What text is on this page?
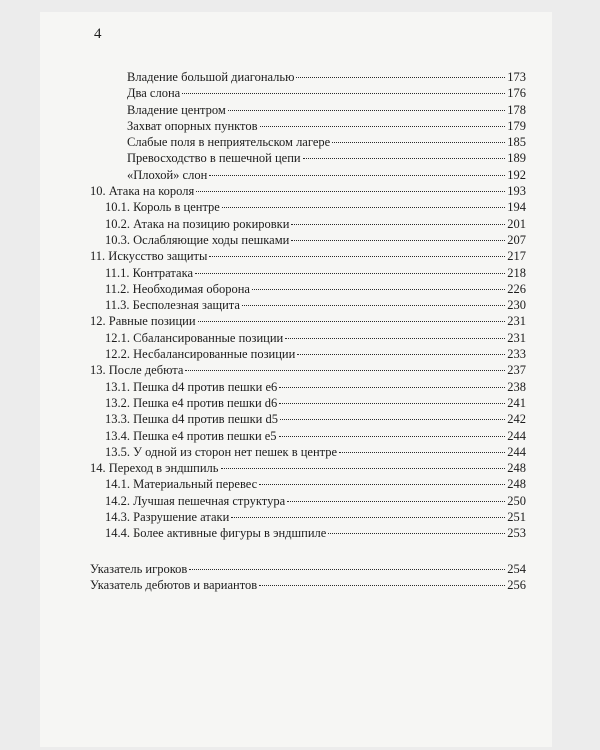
4
Владение большой диагональю	173
Два слона	176
Владение центром	178
Захват опорных пунктов	179
Слабые поля в неприятельском лагере	185
Превосходство в пешечной цепи	189
«Плохой» слон	192
10. Атака на короля	193
10.1. Король в центре	194
10.2. Атака на позицию рокировки	201
10.3. Ослабляющие ходы пешками	207
11. Искусство защиты	217
11.1. Контратака	218
11.2. Необходимая оборона	226
11.3. Бесполезная защита	230
12. Равные позиции	231
12.1. Сбалансированные позиции	231
12.2. Несбалансированные позиции	233
13. После дебюта	237
13.1. Пешка d4 против пешки e6	238
13.2. Пешка e4 против пешки d6	241
13.3. Пешка d4 против пешки d5	242
13.4. Пешка e4 против пешки e5	244
13.5. У одной из сторон нет пешек в центре	244
14. Переход в эндшпиль	248
14.1. Материальный перевес	248
14.2. Лучшая пешечная структура	250
14.3. Разрушение атаки	251
14.4. Более активные фигуры в эндшпиле	253
Указатель игроков	254
Указатель дебютов и вариантов	256
